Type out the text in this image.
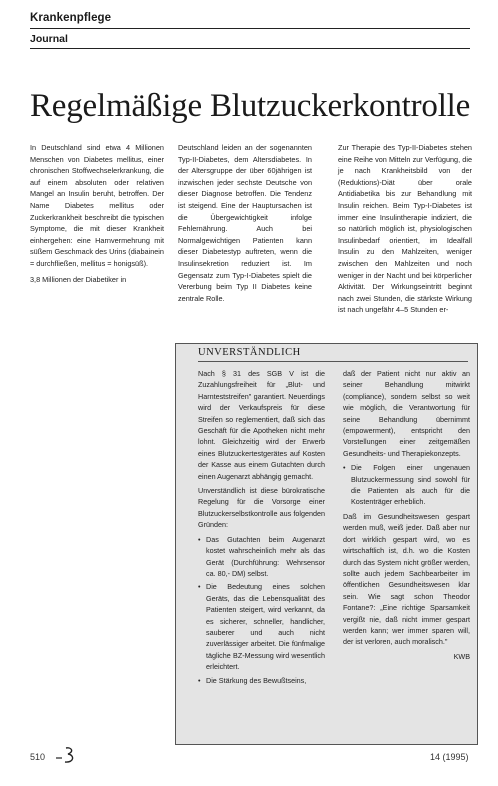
Krankenpflege
Journal
Regelmäßige Blutzuckerkontrolle

In Deutschland sind etwa 4 Millionen Menschen von Diabetes mellitus, einer chronischen Stoffwechselerkrankung, die auf einem absoluten oder relativen Mangel an Insulin beruht, betroffen. Der Name Diabetes mellitus oder Zuckerkrankheit beschreibt die typischen Symptome, die mit dieser Krankheit einhergehen: eine Harnvermehrung mit süßem Geschmack des Urins (diabainein = durchfließen, mellitus = honigsüß).

3,8 Millionen der Diabetiker in

Deutschland leiden an der sogenannten Typ-II-Diabetes, dem Altersdiabetes. In der Altersgruppe der über 60jährigen ist inzwischen jeder sechste Deutsche von dieser Diagnose betroffen. Die Tendenz ist steigend. Eine der Hauptursachen ist die Übergewichtigkeit infolge Fehlernährung. Auch bei Normalgewichtigen Patienten kann dieser Diabetestyp auftreten, wenn die Insulinsekretion reduziert ist. Im Gegensatz zum Typ-I-Diabetes spielt die Vererbung beim Typ II Diabetes keine zentrale Rolle.

Zur Therapie des Typ-II-Diabetes stehen eine Reihe von Mitteln zur Verfügung, die je nach Krankheitsbild von der (Reduktions)-Diät über orale Antidiabetika bis zur Behandlung mit Insulin reichen. Beim Typ-I-Diabetes ist immer eine Insulintherapie indiziert, die so natürlich möglich ist, physiologischen Insulinbedarf orientiert, im Idealfall Insulin zu den Mahlzeiten, weniger zwischen den Mahlzeiten und noch weniger in der Nacht und bei körperlicher Aktivität. Der Wirkungseintritt beginnt nach zwei Stunden, die stärkste Wirkung ist nach ungefähr 4–5 Stunden er-

UNVERSTÄNDLICH

Nach § 31 des SGB V ist die Zuzahlungsfreiheit für „Blut- und Harnteststreifen" garantiert. Neuerdings wird der Verkaufspreis für diese Streifen so reglementiert, daß sich das Geschäft für die Apotheken nicht mehr lohnt. Gleichzeitig wird der Erwerb eines Blutzuckertestgerätes auf Kosten der Kasse aus einem Gutachten durch einen Augenarzt abhängig gemacht.

Unverständlich ist diese bürokratische Regelung für die Vorsorge einer Blutzuckerselbstkontrolle aus folgenden Gründen:

• Das Gutachten beim Augenarzt kostet wahrscheinlich mehr als das Gerät (Durchführung: Wehrsensor ca. 80,- DM) selbst.
• Die Bedeutung eines solchen Geräts, das die Lebensqualität des Patienten steigert, wird verkannt, da es sicherer, schneller, handlicher, sauberer und auch nicht zuverlässiger arbeitet. Die fünfmalige tägliche BZ-Messung wird wesentlich erleichtert.
• Die Stärkung des Bewußtseins,

daß der Patient nicht nur aktiv an seiner Behandlung mitwirkt (compliance), sondern selbst so weit wie möglich, die Verantwortung für seine Behandlung übernimmt (empowerment), entspricht den Vorstellungen einer zeitgemäßen Gesundheits- und Therapiekonzepts.

• Die Folgen einer ungenauen Blutzuckermessung sind sowohl für die Patienten als auch für die Kostenträger erheblich.

Daß im Gesundheitswesen gespart werden muß, weiß jeder. Daß aber nur dort wirklich gespart wird, wo es wirtschaftlich ist, d.h. wo die Kosten durch das System nicht größer werden, sollte auch jedem Sachbearbeiter im öffentlichen Gesundheitswesen klar sein. Wie sagt schon Theodor Fontane?: „Eine richtige Sparsamkeit vergißt nie, daß nicht immer gespart werden kann; wer immer sparen will, der ist verloren, auch moralisch."

KWB
510	14 (1995)
